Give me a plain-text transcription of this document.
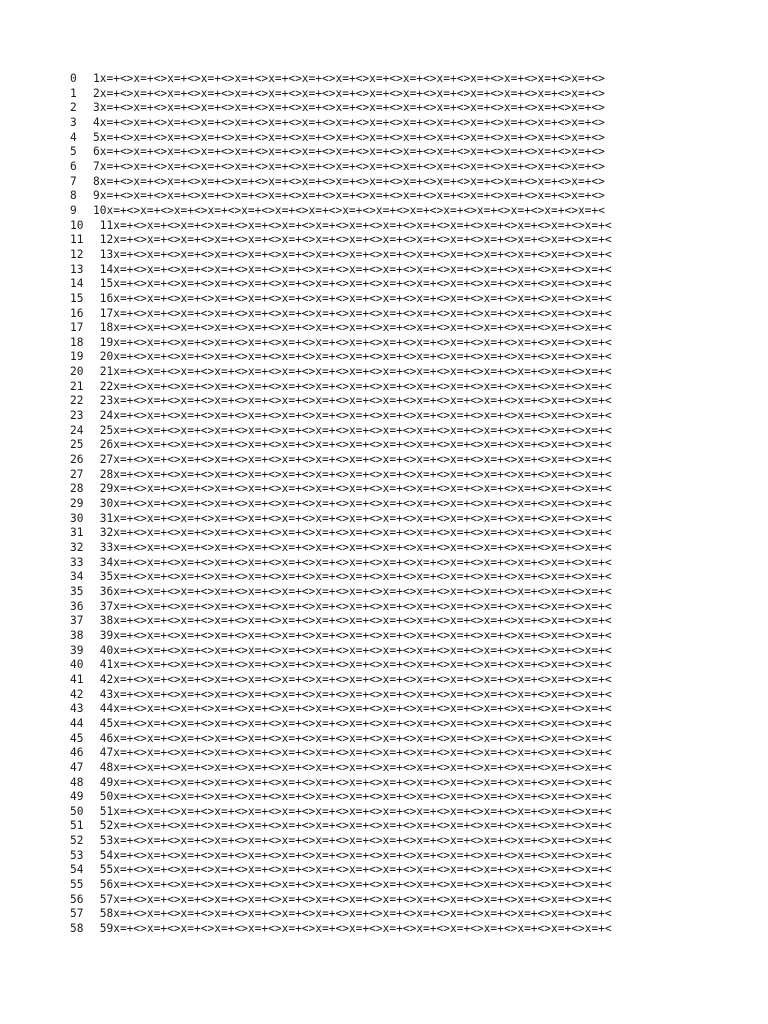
0	1x=+<>x=+<>x=+<>x=+<>x=+<>x=+<>x=+<>x=+<>x=+<>x=+<>x=+<>x=+<>x=+<>x=+<>x=+<>
1	2x=+<>x=+<>x=+<>x=+<>x=+<>x=+<>x=+<>x=+<>x=+<>x=+<>x=+<>x=+<>x=+<>x=+<>x=+<>
2	3x=+<>x=+<>x=+<>x=+<>x=+<>x=+<>x=+<>x=+<>x=+<>x=+<>x=+<>x=+<>x=+<>x=+<>x=+<>
3	4x=+<>x=+<>x=+<>x=+<>x=+<>x=+<>x=+<>x=+<>x=+<>x=+<>x=+<>x=+<>x=+<>x=+<>x=+<>
4	5x=+<>x=+<>x=+<>x=+<>x=+<>x=+<>x=+<>x=+<>x=+<>x=+<>x=+<>x=+<>x=+<>x=+<>x=+<>
5	6x=+<>x=+<>x=+<>x=+<>x=+<>x=+<>x=+<>x=+<>x=+<>x=+<>x=+<>x=+<>x=+<>x=+<>x=+<>
6	7x=+<>x=+<>x=+<>x=+<>x=+<>x=+<>x=+<>x=+<>x=+<>x=+<>x=+<>x=+<>x=+<>x=+<>x=+<>
7	8x=+<>x=+<>x=+<>x=+<>x=+<>x=+<>x=+<>x=+<>x=+<>x=+<>x=+<>x=+<>x=+<>x=+<>x=+<>
8	9x=+<>x=+<>x=+<>x=+<>x=+<>x=+<>x=+<>x=+<>x=+<>x=+<>x=+<>x=+<>x=+<>x=+<>x=+<>
9	10x=+<>x=+<>x=+<>x=+<>x=+<>x=+<>x=+<>x=+<>x=+<>x=+<>x=+<>x=+<>x=+<>x=+<>x=+<
10 11x=+<>x=+<>x=+<>x=+<>x=+<>x=+<>x=+<>x=+<>x=+<>x=+<>x=+<>x=+<>x=+<>x=+<>x=+<
11 12x=+<>x=+<>x=+<>x=+<>x=+<>x=+<>x=+<>x=+<>x=+<>x=+<>x=+<>x=+<>x=+<>x=+<>x=+<
12 13x=+<>x=+<>x=+<>x=+<>x=+<>x=+<>x=+<>x=+<>x=+<>x=+<>x=+<>x=+<>x=+<>x=+<>x=+<
13 14x=+<>x=+<>x=+<>x=+<>x=+<>x=+<>x=+<>x=+<>x=+<>x=+<>x=+<>x=+<>x=+<>x=+<>x=+<
14 15x=+<>x=+<>x=+<>x=+<>x=+<>x=+<>x=+<>x=+<>x=+<>x=+<>x=+<>x=+<>x=+<>x=+<>x=+<
15 16x=+<>x=+<>x=+<>x=+<>x=+<>x=+<>x=+<>x=+<>x=+<>x=+<>x=+<>x=+<>x=+<>x=+<>x=+<
16 17x=+<>x=+<>x=+<>x=+<>x=+<>x=+<>x=+<>x=+<>x=+<>x=+<>x=+<>x=+<>x=+<>x=+<>x=+<
17 18x=+<>x=+<>x=+<>x=+<>x=+<>x=+<>x=+<>x=+<>x=+<>x=+<>x=+<>x=+<>x=+<>x=+<>x=+<
18 19x=+<>x=+<>x=+<>x=+<>x=+<>x=+<>x=+<>x=+<>x=+<>x=+<>x=+<>x=+<>x=+<>x=+<>x=+<
19 20x=+<>x=+<>x=+<>x=+<>x=+<>x=+<>x=+<>x=+<>x=+<>x=+<>x=+<>x=+<>x=+<>x=+<>x=+<
20 21x=+<>x=+<>x=+<>x=+<>x=+<>x=+<>x=+<>x=+<>x=+<>x=+<>x=+<>x=+<>x=+<>x=+<>x=+<
21 22x=+<>x=+<>x=+<>x=+<>x=+<>x=+<>x=+<>x=+<>x=+<>x=+<>x=+<>x=+<>x=+<>x=+<>x=+<
22 23x=+<>x=+<>x=+<>x=+<>x=+<>x=+<>x=+<>x=+<>x=+<>x=+<>x=+<>x=+<>x=+<>x=+<>x=+<
23 24x=+<>x=+<>x=+<>x=+<>x=+<>x=+<>x=+<>x=+<>x=+<>x=+<>x=+<>x=+<>x=+<>x=+<>x=+<
24 25x=+<>x=+<>x=+<>x=+<>x=+<>x=+<>x=+<>x=+<>x=+<>x=+<>x=+<>x=+<>x=+<>x=+<>x=+<
25 26x=+<>x=+<>x=+<>x=+<>x=+<>x=+<>x=+<>x=+<>x=+<>x=+<>x=+<>x=+<>x=+<>x=+<>x=+<
26 27x=+<>x=+<>x=+<>x=+<>x=+<>x=+<>x=+<>x=+<>x=+<>x=+<>x=+<>x=+<>x=+<>x=+<>x=+<
27 28x=+<>x=+<>x=+<>x=+<>x=+<>x=+<>x=+<>x=+<>x=+<>x=+<>x=+<>x=+<>x=+<>x=+<>x=+<
28 29x=+<>x=+<>x=+<>x=+<>x=+<>x=+<>x=+<>x=+<>x=+<>x=+<>x=+<>x=+<>x=+<>x=+<>x=+<
29 30x=+<>x=+<>x=+<>x=+<>x=+<>x=+<>x=+<>x=+<>x=+<>x=+<>x=+<>x=+<>x=+<>x=+<>x=+<
30 31x=+<>x=+<>x=+<>x=+<>x=+<>x=+<>x=+<>x=+<>x=+<>x=+<>x=+<>x=+<>x=+<>x=+<>x=+<
31 32x=+<>x=+<>x=+<>x=+<>x=+<>x=+<>x=+<>x=+<>x=+<>x=+<>x=+<>x=+<>x=+<>x=+<>x=+<
32 33x=+<>x=+<>x=+<>x=+<>x=+<>x=+<>x=+<>x=+<>x=+<>x=+<>x=+<>x=+<>x=+<>x=+<>x=+<
33 34x=+<>x=+<>x=+<>x=+<>x=+<>x=+<>x=+<>x=+<>x=+<>x=+<>x=+<>x=+<>x=+<>x=+<>x=+<
34 35x=+<>x=+<>x=+<>x=+<>x=+<>x=+<>x=+<>x=+<>x=+<>x=+<>x=+<>x=+<>x=+<>x=+<>x=+<
35 36x=+<>x=+<>x=+<>x=+<>x=+<>x=+<>x=+<>x=+<>x=+<>x=+<>x=+<>x=+<>x=+<>x=+<>x=+<
36 37x=+<>x=+<>x=+<>x=+<>x=+<>x=+<>x=+<>x=+<>x=+<>x=+<>x=+<>x=+<>x=+<>x=+<>x=+<
37 38x=+<>x=+<>x=+<>x=+<>x=+<>x=+<>x=+<>x=+<>x=+<>x=+<>x=+<>x=+<>x=+<>x=+<>x=+<
38 39x=+<>x=+<>x=+<>x=+<>x=+<>x=+<>x=+<>x=+<>x=+<>x=+<>x=+<>x=+<>x=+<>x=+<>x=+<
39 40x=+<>x=+<>x=+<>x=+<>x=+<>x=+<>x=+<>x=+<>x=+<>x=+<>x=+<>x=+<>x=+<>x=+<>x=+<
40 41x=+<>x=+<>x=+<>x=+<>x=+<>x=+<>x=+<>x=+<>x=+<>x=+<>x=+<>x=+<>x=+<>x=+<>x=+<
41 42x=+<>x=+<>x=+<>x=+<>x=+<>x=+<>x=+<>x=+<>x=+<>x=+<>x=+<>x=+<>x=+<>x=+<>x=+<
42 43x=+<>x=+<>x=+<>x=+<>x=+<>x=+<>x=+<>x=+<>x=+<>x=+<>x=+<>x=+<>x=+<>x=+<>x=+<
43 44x=+<>x=+<>x=+<>x=+<>x=+<>x=+<>x=+<>x=+<>x=+<>x=+<>x=+<>x=+<>x=+<>x=+<>x=+<
44 45x=+<>x=+<>x=+<>x=+<>x=+<>x=+<>x=+<>x=+<>x=+<>x=+<>x=+<>x=+<>x=+<>x=+<>x=+<
45 46x=+<>x=+<>x=+<>x=+<>x=+<>x=+<>x=+<>x=+<>x=+<>x=+<>x=+<>x=+<>x=+<>x=+<>x=+<
46 47x=+<>x=+<>x=+<>x=+<>x=+<>x=+<>x=+<>x=+<>x=+<>x=+<>x=+<>x=+<>x=+<>x=+<>x=+<
47 48x=+<>x=+<>x=+<>x=+<>x=+<>x=+<>x=+<>x=+<>x=+<>x=+<>x=+<>x=+<>x=+<>x=+<>x=+<
48 49x=+<>x=+<>x=+<>x=+<>x=+<>x=+<>x=+<>x=+<>x=+<>x=+<>x=+<>x=+<>x=+<>x=+<>x=+<
49 50x=+<>x=+<>x=+<>x=+<>x=+<>x=+<>x=+<>x=+<>x=+<>x=+<>x=+<>x=+<>x=+<>x=+<>x=+<
50 51x=+<>x=+<>x=+<>x=+<>x=+<>x=+<>x=+<>x=+<>x=+<>x=+<>x=+<>x=+<>x=+<>x=+<>x=+<
51 52x=+<>x=+<>x=+<>x=+<>x=+<>x=+<>x=+<>x=+<>x=+<>x=+<>x=+<>x=+<>x=+<>x=+<>x=+<
52 53x=+<>x=+<>x=+<>x=+<>x=+<>x=+<>x=+<>x=+<>x=+<>x=+<>x=+<>x=+<>x=+<>x=+<>x=+<
53 54x=+<>x=+<>x=+<>x=+<>x=+<>x=+<>x=+<>x=+<>x=+<>x=+<>x=+<>x=+<>x=+<>x=+<>x=+<
54 55x=+<>x=+<>x=+<>x=+<>x=+<>x=+<>x=+<>x=+<>x=+<>x=+<>x=+<>x=+<>x=+<>x=+<>x=+<
55 56x=+<>x=+<>x=+<>x=+<>x=+<>x=+<>x=+<>x=+<>x=+<>x=+<>x=+<>x=+<>x=+<>x=+<>x=+<
56 57x=+<>x=+<>x=+<>x=+<>x=+<>x=+<>x=+<>x=+<>x=+<>x=+<>x=+<>x=+<>x=+<>x=+<>x=+<
57 58x=+<>x=+<>x=+<>x=+<>x=+<>x=+<>x=+<>x=+<>x=+<>x=+<>x=+<>x=+<>x=+<>x=+<>x=+<
58 59x=+<>x=+<>x=+<>x=+<>x=+<>x=+<>x=+<>x=+<>x=+<>x=+<>x=+<>x=+<>x=+<>x=+<>x=+<
